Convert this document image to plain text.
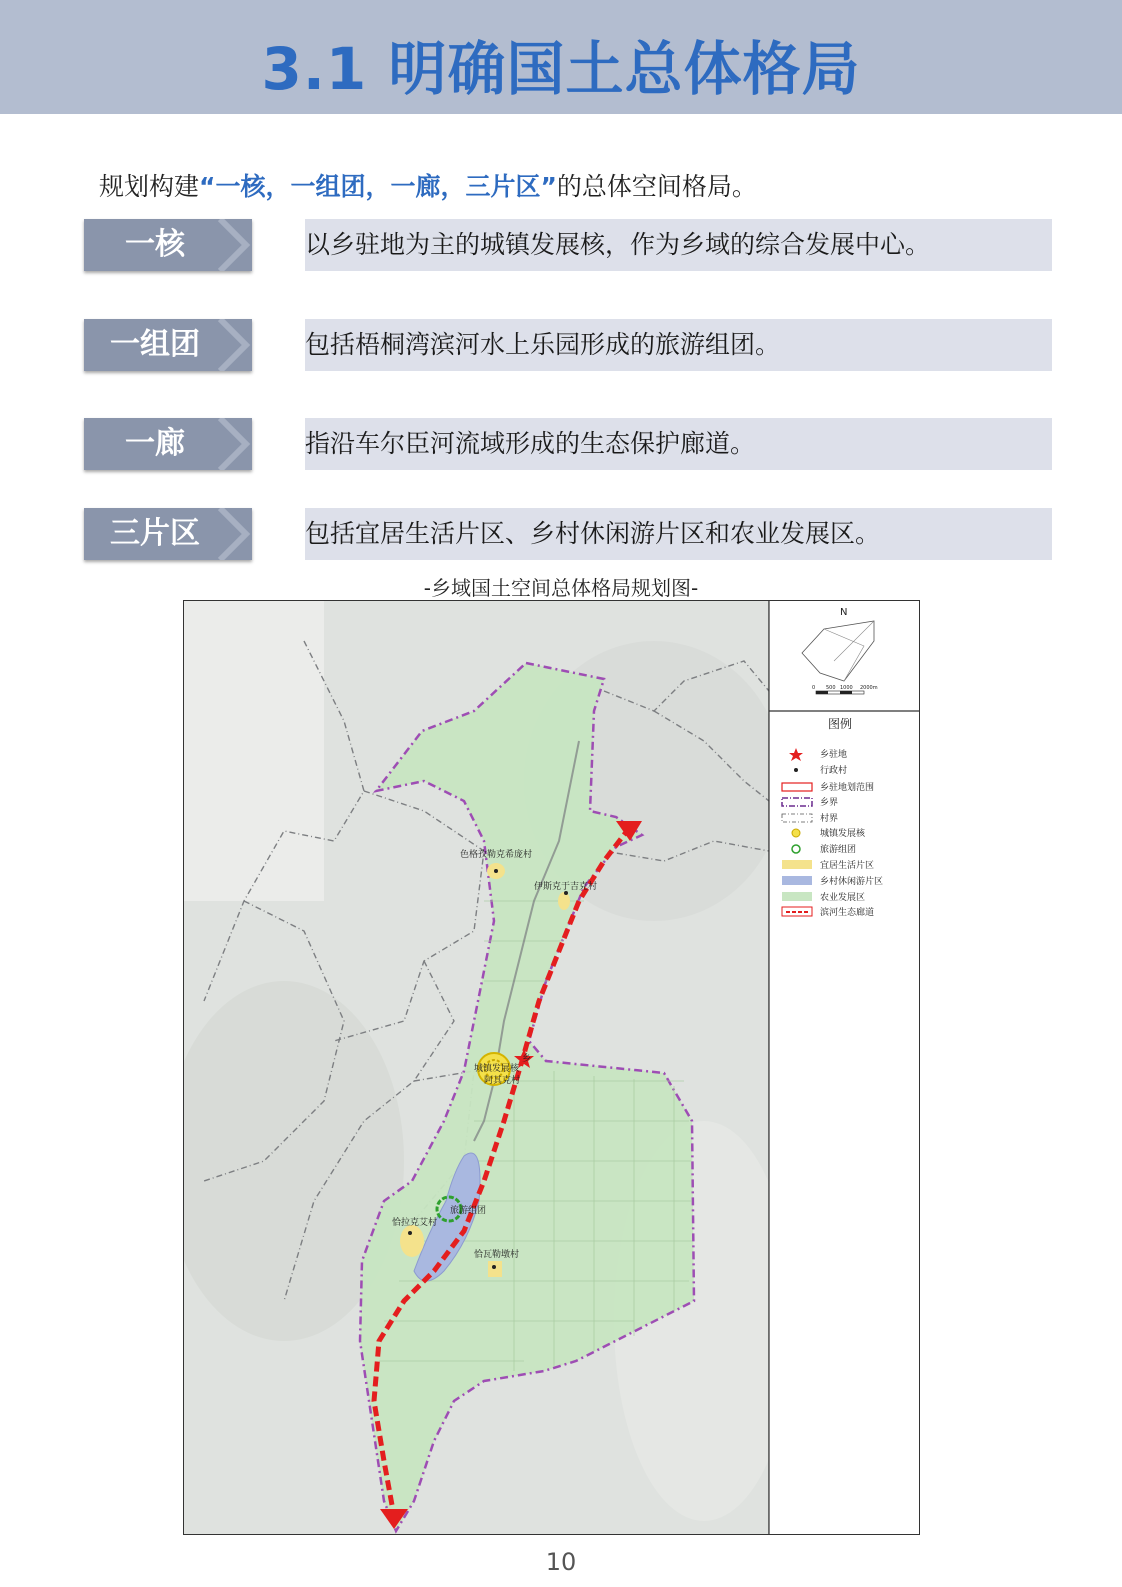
3.1 明确国土总体格局
规划构建“一核，一组团，一廊，三片区”的总体空间格局。
一核	以乡驻地为主的城镇发展核，作为乡域的综合发展中心。
一组团	包括梧桐湾滨河水上乐园形成的旅游组团。
一廊	指沿车尔臣河流域形成的生态保护廊道。
三片区	包括宜居生活片区、乡村休闲游片区和农业发展区。
-乡域国土空间总体格局规划图-
色格孜勒克希庞村
伊斯克于吉克村
城镇发展核
阿其克村
旅游组团
恰拉克艾村
恰瓦勒墩村
乡
N
0 500 1000 2000m
图例
乡驻地
行政村
乡驻地划范围
乡界
村界
城镇发展核
旅游组团
宜居生活片区
乡村休闲游片区
农业发展区
滨河生态廊道
10
